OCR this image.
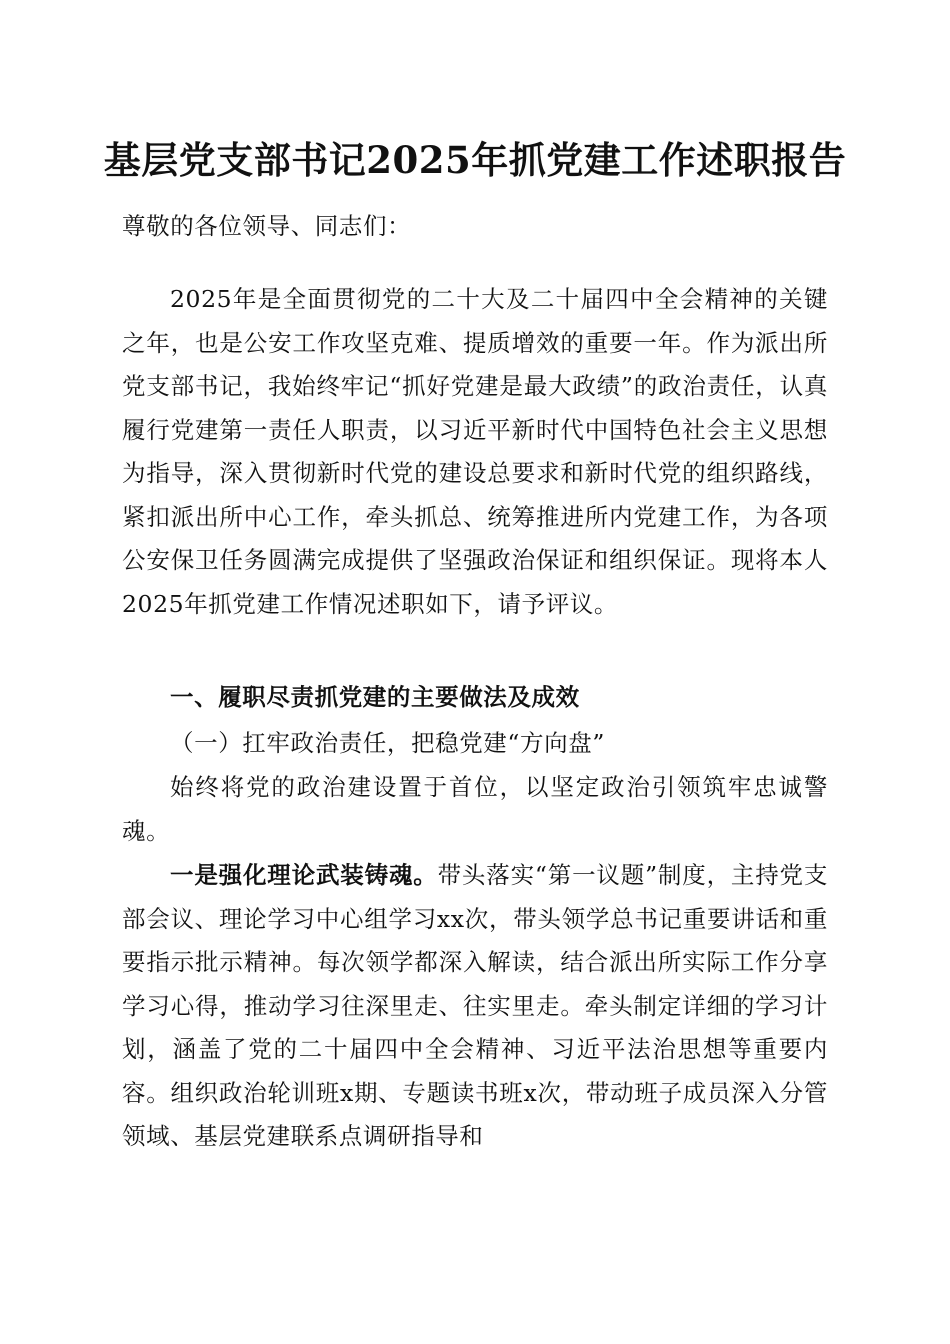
基层党支部书记2025年抓党建工作述职报告

尊敬的各位领导、同志们：

2025年是全面贯彻党的二十大及二十届四中全会精神的关键之年，也是公安工作攻坚克难、提质增效的重要一年。作为派出所党支部书记，我始终牢记“抓好党建是最大政绩”的政治责任，认真履行党建第一责任人职责，以习近平新时代中国特色社会主义思想为指导，深入贯彻新时代党的建设总要求和新时代党的组织路线，紧扣派出所中心工作，牵头抓总、统筹推进所内党建工作，为各项公安保卫任务圆满完成提供了坚强政治保证和组织保证。现将本人2025年抓党建工作情况述职如下，请予评议。

一、履职尽责抓党建的主要做法及成效

（一）扛牢政治责任，把稳党建“方向盘”

始终将党的政治建设置于首位，以坚定政治引领筑牢忠诚警魂。

一是强化理论武装铸魂。带头落实“第一议题”制度，主持党支部会议、理论学习中心组学习xx次，带头领学总书记重要讲话和重要指示批示精神。每次领学都深入解读，结合派出所实际工作分享学习心得，推动学习往深里走、往实里走。牵头制定详细的学习计划，涵盖了党的二十届四中全会精神、习近平法治思想等重要内容。组织政治轮训班x期、专题读书班x次，带动班子成员深入分管领域、基层党建联系点调研指导和
